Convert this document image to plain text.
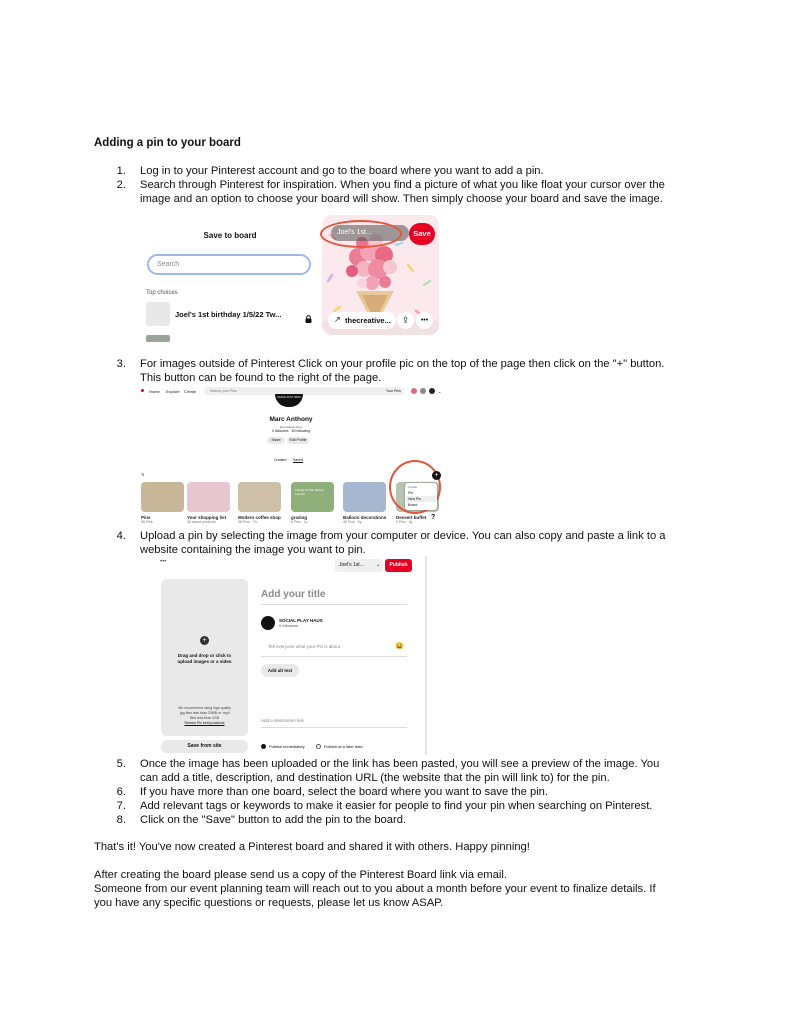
Adding a pin to your board
1. Log in to your Pinterest account and go to the board where you want to add a pin.
2. Search through Pinterest for inspiration. When you find a picture of what you like float your cursor over the
image and an option to choose your board will show. Then simply choose your board and save the image.
Save to board
Search
Top choices
Joel's 1st birthday 1/5/22 Tw...
Joel's 1st...	Save
↗ thecreative...	⇪	•••
3. For images outside of Pinterest Click on your profile pic on the top of the page then click on the "+" button.
This button can be found to the right of the page.
Home Explore Create	Search your Pins	Your Pins	⌄
SOCIAL PLAY HAUS
Marc Anthony
@socialplayhaus
0 followers · 60 following
Share	Edit Profile
Created Saved
⇅
Things to Plan Before Launch
Pins	Your shopping list	Modern coffee shop grazing	Balloon decorations Dessert buffet
56 Pins	38 saved products	98 Pins · 7h	6 Pins · 1y	48 Pins · 6y	9 Pins · 6y
+
Create
Pin
Idea Pin
Board
?
4. Upload a pin by selecting the image from your computer or device. You can also copy and paste a link to a
website containing the image you want to pin.
•••	Joel's 1st...	⌄	Publish
+
Drag and drop or click to
upload images or a video
We recommend using high quality
.jpg files less than 20MB or .mp4
files less than 2GB
Review Pin best practices
Save from site
Add your title
SOCIAL PLAY HAUS
0 followers
Tell everyone what your Pin is about	😀
Add alt text
Add a destination link
Publish immediately	Publish at a later date
5. Once the image has been uploaded or the link has been pasted, you will see a preview of the image. You
can add a title, description, and destination URL (the website that the pin will link to) for the pin.
6. If you have more than one board, select the board where you want to save the pin.
7. Add relevant tags or keywords to make it easier for people to find your pin when searching on Pinterest.
8. Click on the "Save" button to add the pin to the board.
That's it! You've now created a Pinterest board and shared it with others. Happy pinning!
After creating the board please send us a copy of the Pinterest Board link via email.
Someone from our event planning team will reach out to you about a month before your event to finalize details. If
you have any specific questions or requests, please let us know ASAP.
